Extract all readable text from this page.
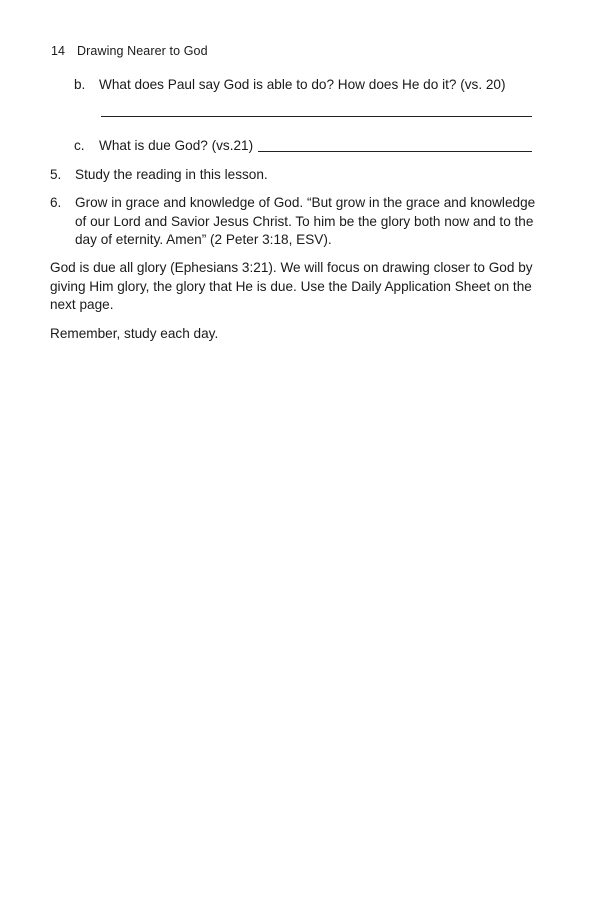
14 Drawing Nearer to God
b. What does Paul say God is able to do? How does He do it? (vs. 20)
c. What is due God? (vs.21)
5. Study the reading in this lesson.
6. Grow in grace and knowledge of God. “But grow in the grace and knowledge of our Lord and Savior Jesus Christ. To him be the glory both now and to the day of eternity. Amen” (2 Peter 3:18, ESV).
God is due all glory (Ephesians 3:21). We will focus on drawing closer to God by giving Him glory, the glory that He is due. Use the Daily Application Sheet on the next page.
Remember, study each day.
